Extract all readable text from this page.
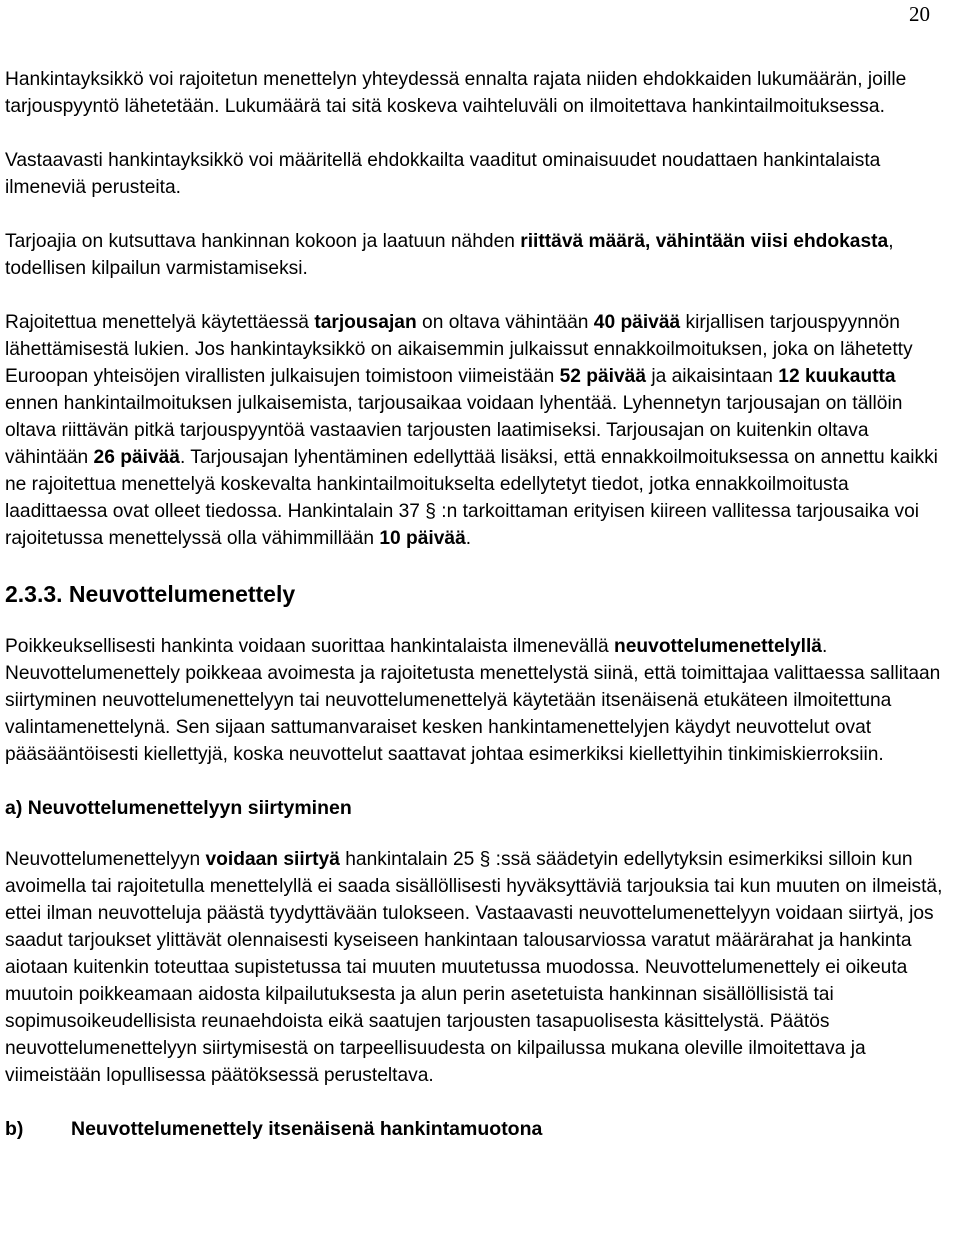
20

Hankintayksikkö voi rajoitetun menettelyn yhteydessä ennalta rajata niiden ehdokkaiden lukumäärän, joille tarjouspyyntö lähetetään. Lukumäärä tai sitä koskeva vaihteluväli on ilmoitettava hankintailmoituksessa.

Vastaavasti hankintayksikkö voi määritellä ehdokkailta vaaditut ominaisuudet noudattaen hankintalaista ilmeneviä perusteita.

Tarjoajia on kutsuttava hankinnan kokoon ja laatuun nähden riittävä määrä, vähintään viisi ehdokasta, todellisen kilpailun varmistamiseksi.

Rajoitettua menettelyä käytettäessä tarjousajan on oltava vähintään 40 päivää kirjallisen tarjouspyynnön lähettämisestä lukien. Jos hankintayksikkö on aikaisemmin julkaissut ennakkoilmoituksen, joka on lähetetty Euroopan yhteisöjen virallisten julkaisujen toimistoon viimeistään 52 päivää ja aikaisintaan 12 kuukautta ennen hankintailmoituksen julkaisemista, tarjousaikaa voidaan lyhentää. Lyhennetyn tarjousajan on tällöin oltava riittävän pitkä tarjouspyyntöä vastaavien tarjousten laatimiseksi. Tarjousajan on kuitenkin oltava vähintään 26 päivää. Tarjousajan lyhentäminen edellyttää lisäksi, että ennakkoilmoituksessa on annettu kaikki ne rajoitettua menettelyä koskevalta hankintailmoitukselta edellytetyt tiedot, jotka ennakkoilmoitusta laadittaessa ovat olleet tiedossa. Hankintalain 37 § :n tarkoittaman erityisen kiireen vallitessa tarjousaika voi rajoitetussa menettelyssä olla vähimmillään 10 päivää.

2.3.3. Neuvottelumenettely

Poikkeuksellisesti hankinta voidaan suorittaa hankintalaista ilmenevällä neuvottelumenettelyllä. Neuvottelumenettely poikkeaa avoimesta ja rajoitetusta menettelystä siinä, että toimittajaa valittaessa sallitaan siirtyminen neuvottelumenettelyyn tai neuvottelumenettelyä käytetään itsenäisenä etukäteen ilmoitettuna valintamenettelynä. Sen sijaan sattumanvaraiset kesken hankintamenettelyjen käydyt neuvottelut ovat pääsääntöisesti kiellettyjä, koska neuvottelut saattavat johtaa esimerkiksi kiellettyihin tinkimiskierroksiin.

a) Neuvottelumenettelyyn siirtyminen

Neuvottelumenettelyyn voidaan siirtyä hankintalain 25 § :ssä säädetyin edellytyksin esimerkiksi silloin kun avoimella tai rajoitetulla menettelyllä ei saada sisällöllisesti hyväksyttäviä tarjouksia tai kun muuten on ilmeistä, ettei ilman neuvotteluja päästä tyydyttävään tulokseen. Vastaavasti neuvottelumenettelyyn voidaan siirtyä, jos saadut tarjoukset ylittävät olennaisesti kyseiseen hankintaan talousarviossa varatut määrärahat ja hankinta aiotaan kuitenkin toteuttaa supistetussa tai muuten muutetussa muodossa. Neuvottelumenettely ei oikeuta muutoin poikkeamaan aidosta kilpailutuksesta ja alun perin asetetuista hankinnan sisällöllisistä tai sopimusoikeudellisista reunaehdoista eikä saatujen tarjousten tasapuolisesta käsittelystä. Päätös neuvottelumenettelyyn siirtymisestä on tarpeellisuudesta on kilpailussa mukana oleville ilmoitettava ja viimeistään lopullisessa päätöksessä perusteltava.

b) Neuvottelumenettely itsenäisenä hankintamuotona
